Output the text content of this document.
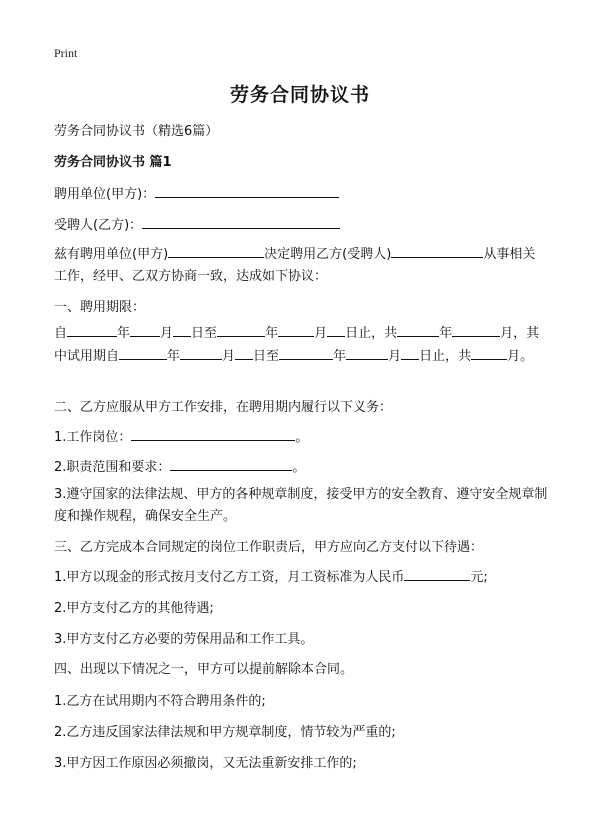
Print
劳务合同协议书
劳务合同协议书（精选6篇）
劳务合同协议书 篇1
聘用单位(甲方)：
受聘人(乙方)：
兹有聘用单位(甲方)	决定聘用乙方(受聘人)	从事相关工作，经甲、乙双方协商一致，达成如下协议：
一、聘用期限：
自	年 月 日至	年	月 日止，共	年	月，其中试用期自	年	月 日至	年	月 日止，共	月。
二、乙方应服从甲方工作安排，在聘用期内履行以下义务：
1.工作岗位：	。
2.职责范围和要求：	。
3.遵守国家的法律法规、甲方的各种规章制度，接受甲方的安全教育、遵守安全规章制度和操作规程，确保安全生产。
三、乙方完成本合同规定的岗位工作职责后，甲方应向乙方支付以下待遇：
1.甲方以现金的形式按月支付乙方工资，月工资标准为人民币	元;
2.甲方支付乙方的其他待遇;
3.甲方支付乙方必要的劳保用品和工作工具。
四、出现以下情况之一，甲方可以提前解除本合同。
1.乙方在试用期内不符合聘用条件的;
2.乙方违反国家法律法规和甲方规章制度，情节较为严重的;
3.甲方因工作原因必须撤岗，又无法重新安排工作的;
